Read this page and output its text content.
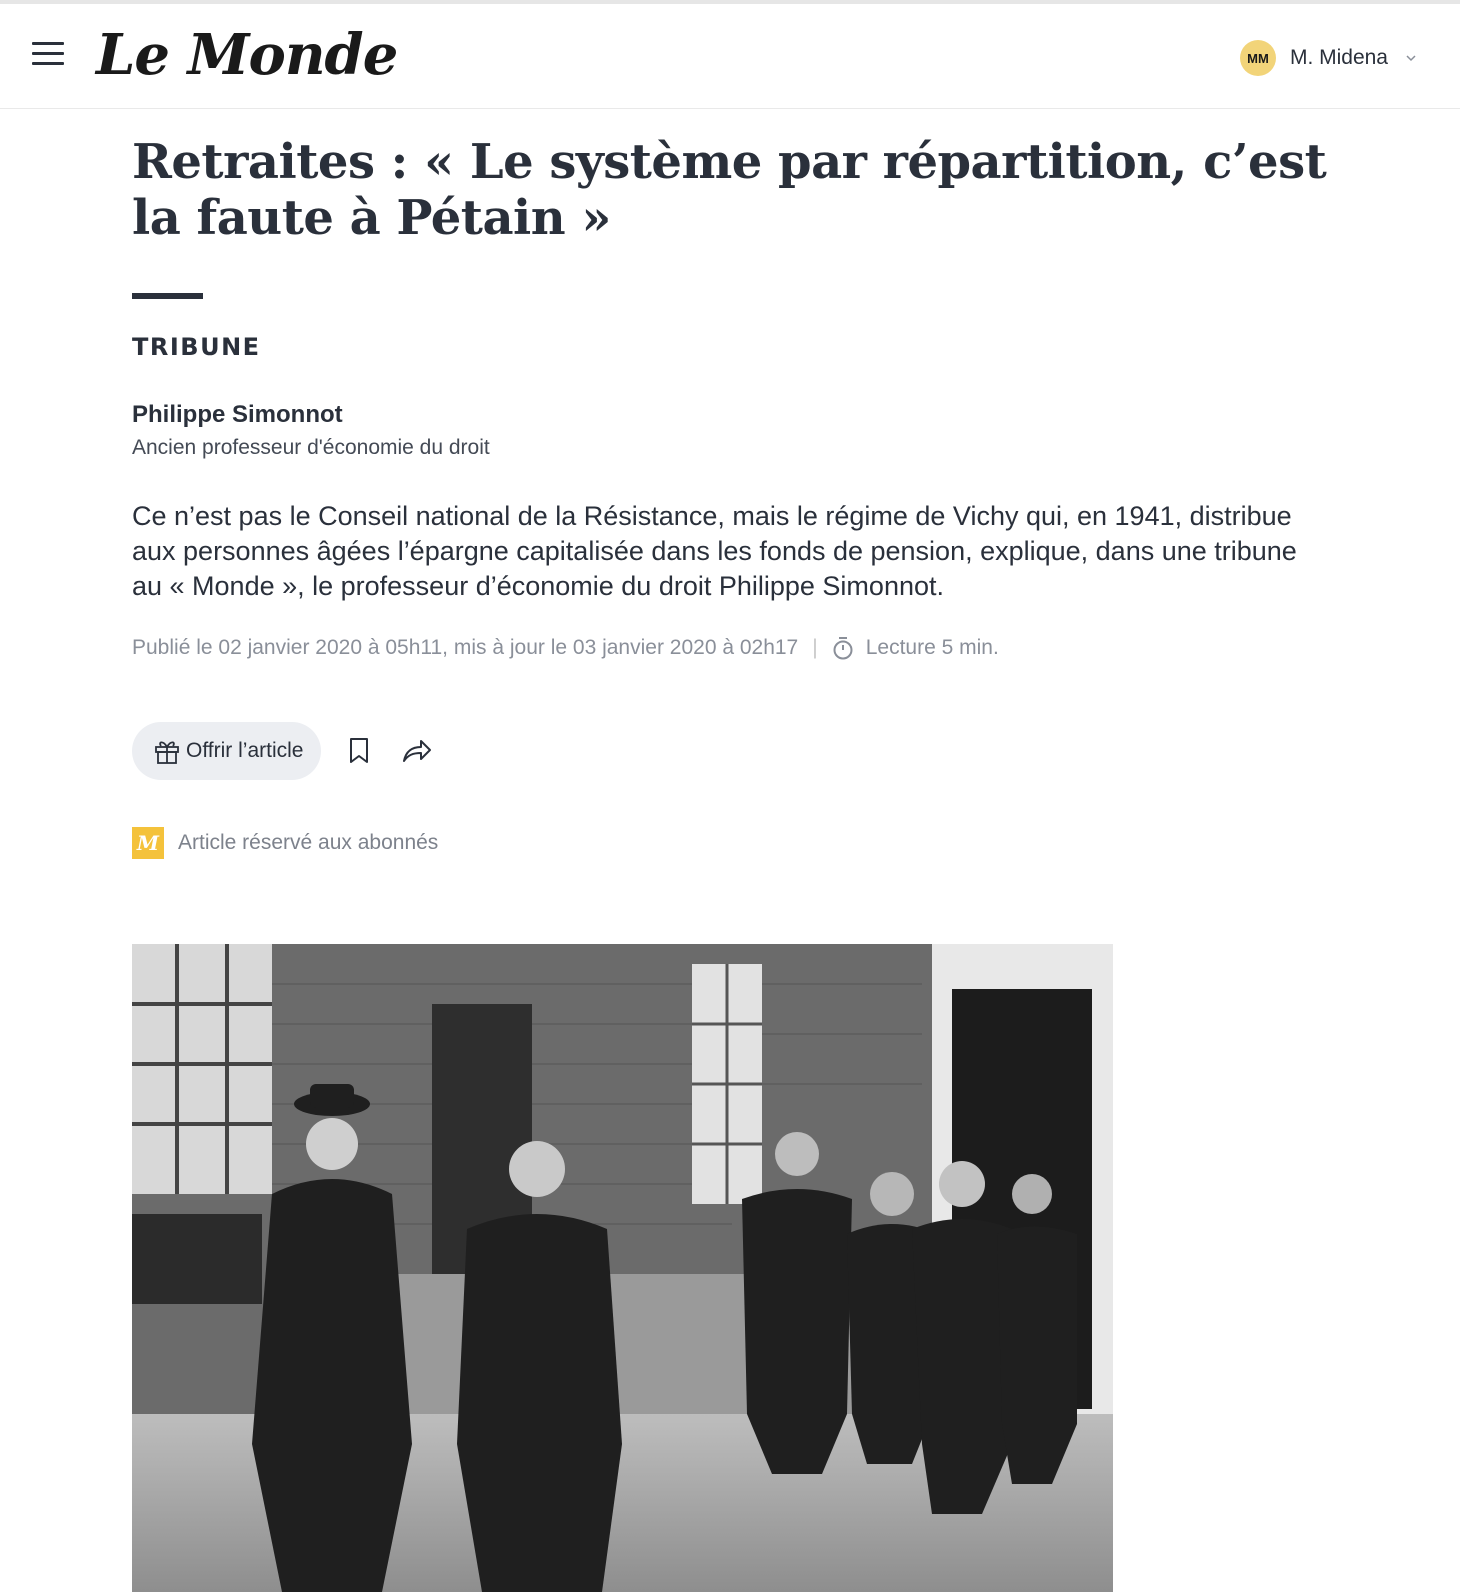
Le Monde	MM	M. Midena
Retraites : « Le système par répartition, c’est la faute à Pétain »
TRIBUNE
Philippe Simonnot
Ancien professeur d'économie du droit

Ce n’est pas le Conseil national de la Résistance, mais le régime de Vichy qui, en 1941, distribue aux personnes âgées l’épargne capitalisée dans les fonds de pension, explique, dans une tribune au « Monde », le professeur d’économie du droit Philippe Simonnot.

Publié le 02 janvier 2020 à 05h11, mis à jour le 03 janvier 2020 à 02h17 | Lecture 5 min.
Offrir l’article
M Article réservé aux abonnés
